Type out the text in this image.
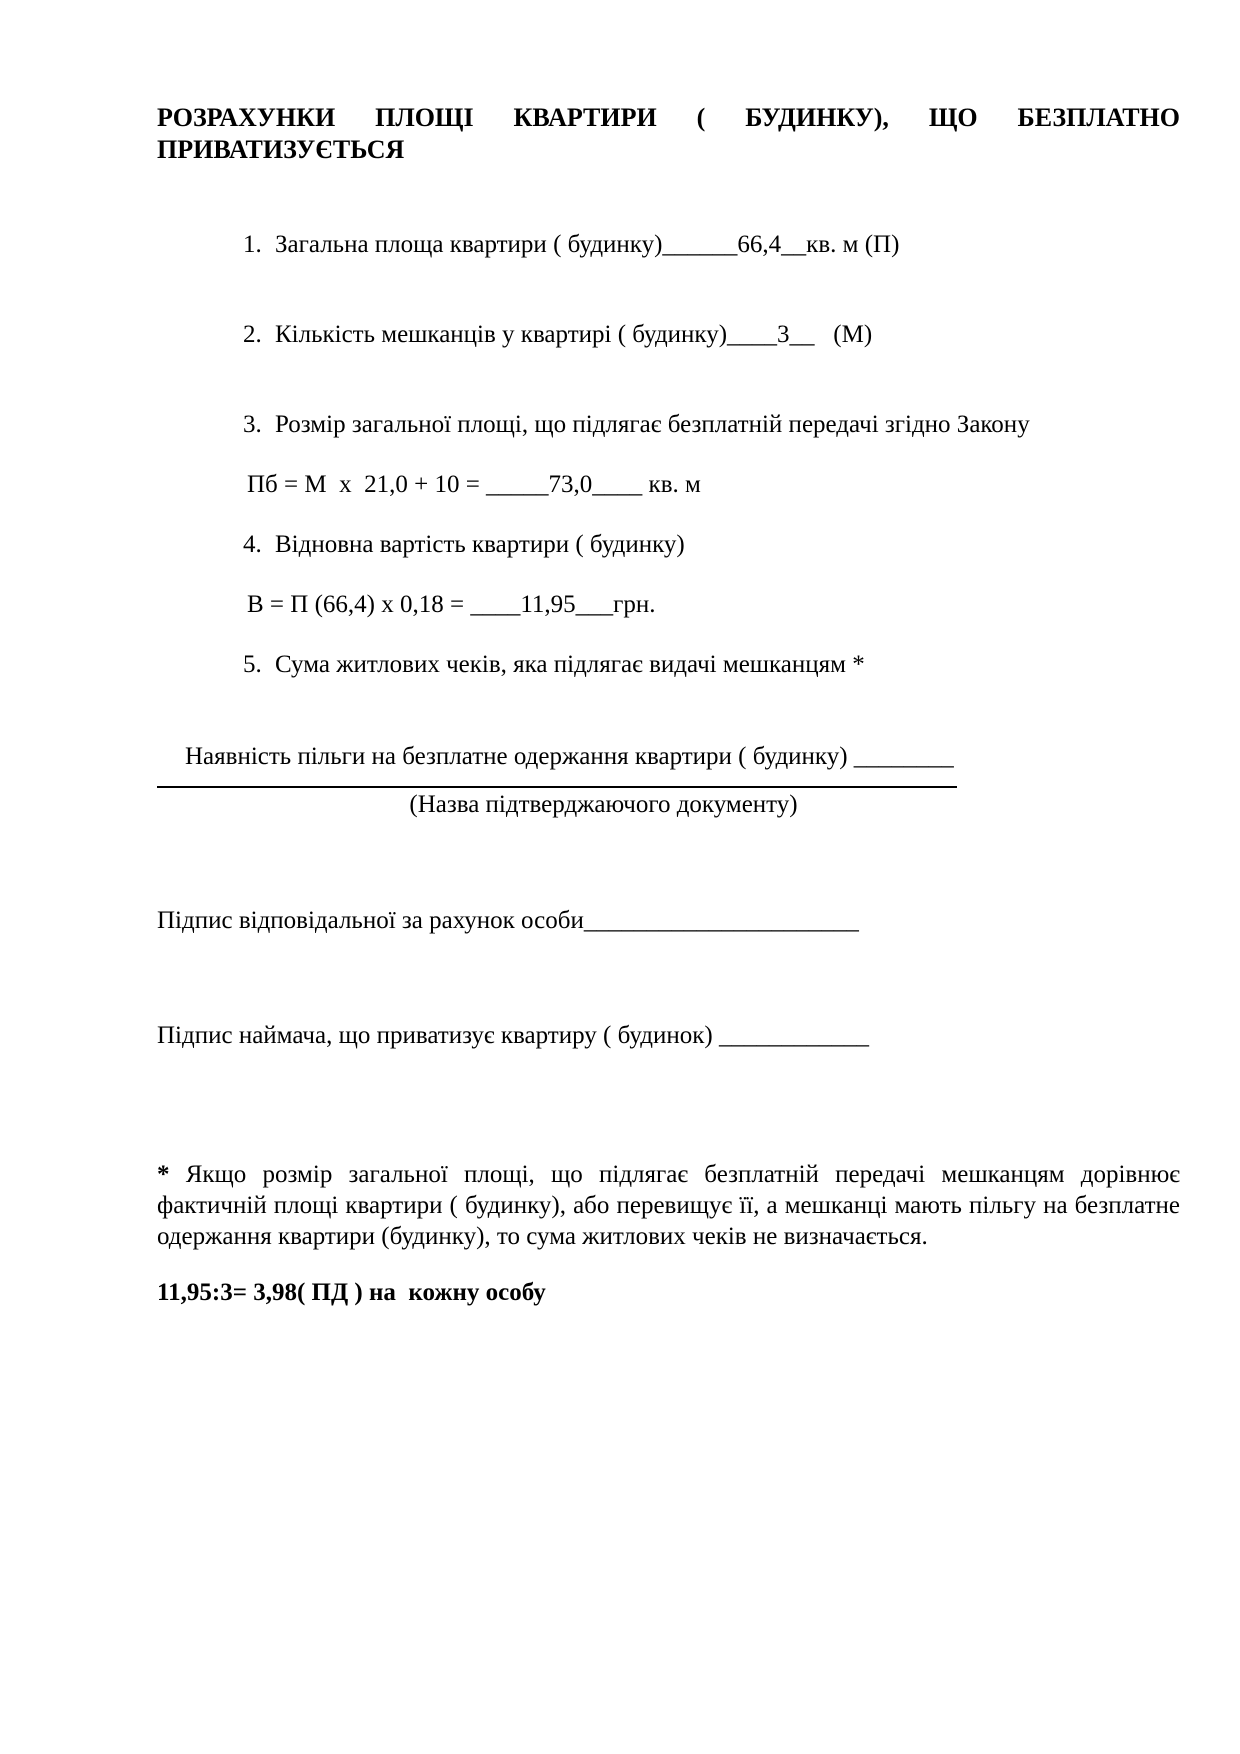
РОЗРАХУНКИ ПЛОЩІ КВАРТИРИ ( БУДИНКУ), ЩО БЕЗПЛАТНО
ПРИВАТИЗУЄТЬСЯ

1. Загальна площа квартири ( будинку)______66,4__кв. м (П)

2. Кількість мешканців у квартирі ( будинку)____3__   (М)

3. Розмір загальної площі, що підлягає безплатній передачі згідно Закону

Пб = М  х  21,0 + 10 = _____73,0____ кв. м

4. Відновна вартість квартири ( будинку)

В = П (66,4) х 0,18 = ____11,95___грн.

5. Сума житлових чеків, яка підлягає видачі мешканцям *

Наявність пільги на безплатне одержання квартири ( будинку) ________
(Назва підтверджаючого документу)
Підпис відповідальної за рахунок особи______________________
Підпис наймача, що приватизує квартиру ( будинок) ____________
* Якщо розмір загальної площі, що підлягає безплатній передачі мешканцям дорівнює
фактичній площі квартири ( будинку), або перевищує її, а мешканці мають пільгу на безплатне
одержання квартири (будинку), то сума житлових чеків не визначається.
11,95:3= 3,98( ПД ) на  кожну особу
